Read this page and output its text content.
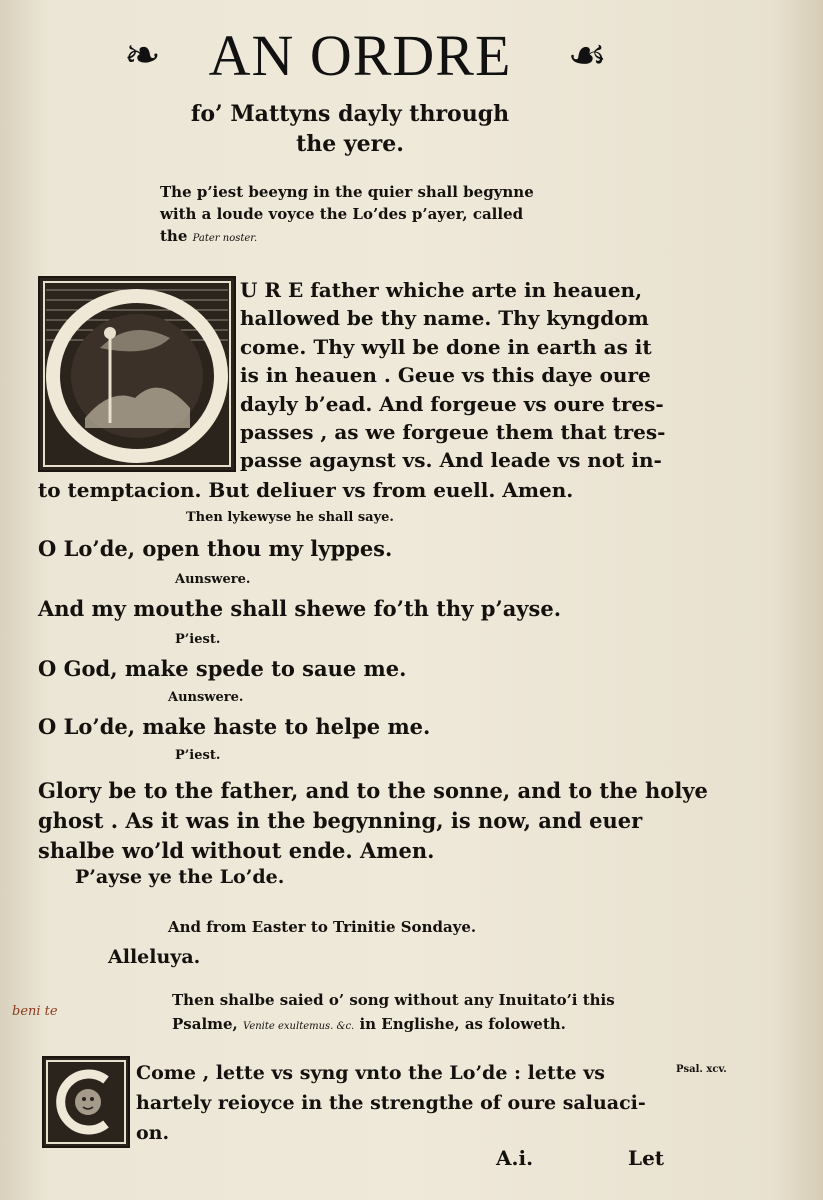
❧ AN ORDRE ☙
fo’ Mattyns dayly through
the yere.
The p’iest beeyng in the quier shall begynne
with a loude voyce the Lo’des p’ayer, called
the Pater noster.
U R E father whiche arte in heauen,
hallowed be thy name. Thy kyngdom
come. Thy wyll be done in earth as it
is in heauen . Geue vs this daye oure
dayly b’ead. And forgeue vs oure tres-
passes , as we forgeue them that tres-
passe agaynst vs. And leade vs not in-
to temptacion. But deliuer vs from euell. Amen.
Then lykewyse he shall saye.
O Lo’de, open thou my lyppes.
Aunswere.
And my mouthe shall shewe fo’th thy p’ayse.
P’iest.
O God, make spede to saue me.
Aunswere.
O Lo’de, make haste to helpe me.
P’iest.
Glory be to the father, and to the sonne, and to the holye
ghost . As it was in the begynning, is now, and euer
shalbe wo’ld without ende. Amen.
P’ayse ye the Lo’de.
And from Easter to Trinitie Sondaye.
Alleluya.
Then shalbe saied o’ song without any Inuitato’i this
Psalme, Venite exultemus. &c. in Englishe, as foloweth.
beni te
Come , lette vs syng vnto the Lo’de : lette vs	Psal. xcv.
hartely reioyce in the strengthe of oure saluaci-
on.
A.i.	Let
